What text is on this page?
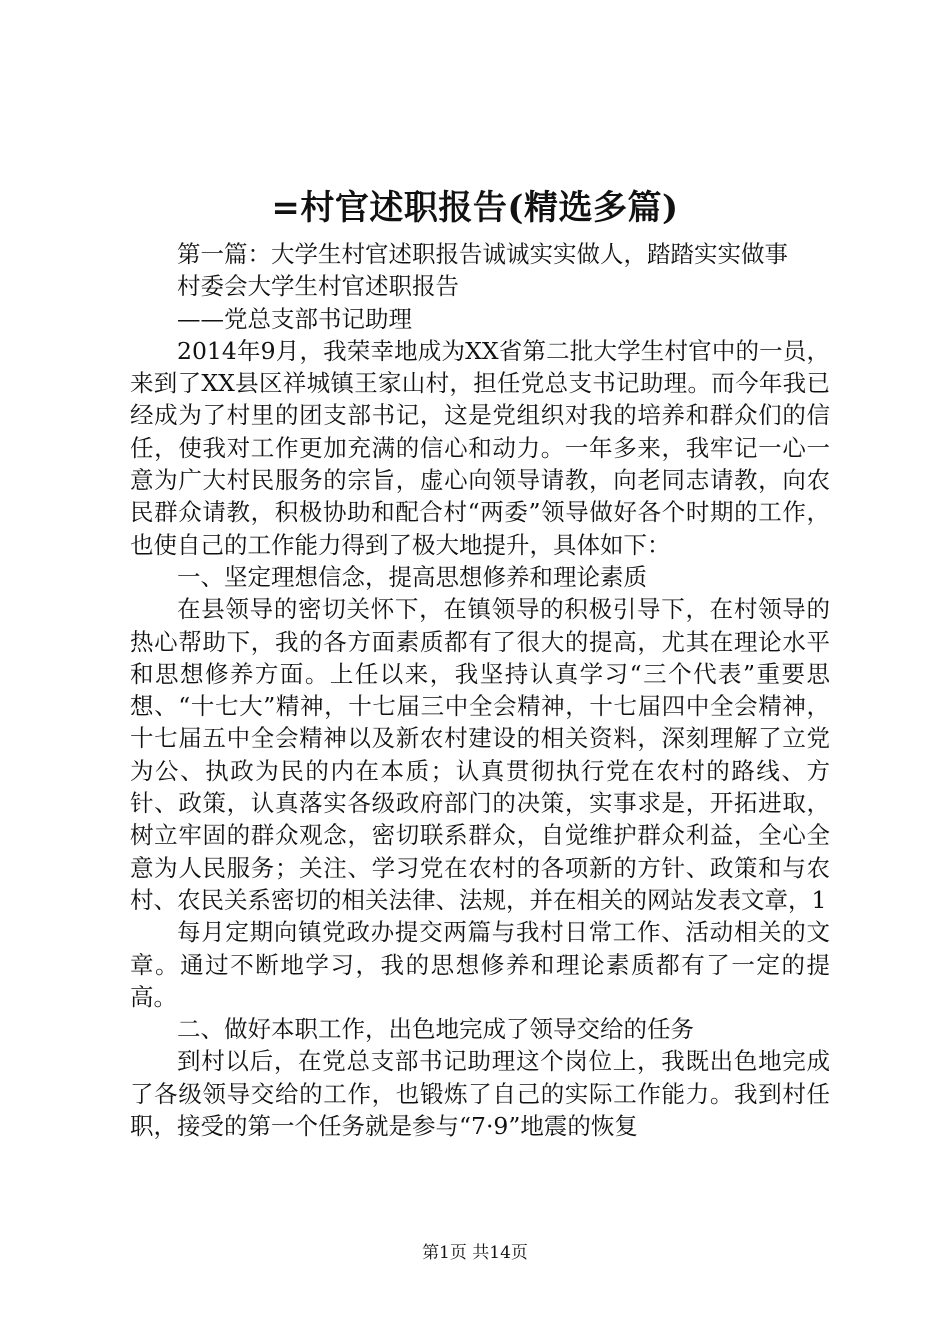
=村官述职报告(精选多篇)

第一篇：大学生村官述职报告诚诚实实做人，踏踏实实做事

村委会大学生村官述职报告

——党总支部书记助理

2014年9月，我荣幸地成为XX省第二批大学生村官中的一员，来到了XX县区祥城镇王家山村，担任党总支书记助理。而今年我已经成为了村里的团支部书记，这是党组织对我的培养和群众们的信任，使我对工作更加充满的信心和动力。一年多来，我牢记一心一意为广大村民服务的宗旨，虚心向领导请教，向老同志请教，向农民群众请教，积极协助和配合村“两委”领导做好各个时期的工作，也使自己的工作能力得到了极大地提升，具体如下：

一、坚定理想信念，提高思想修养和理论素质

在县领导的密切关怀下，在镇领导的积极引导下，在村领导的热心帮助下，我的各方面素质都有了很大的提高，尤其在理论水平和思想修养方面。上任以来，我坚持认真学习“三个代表”重要思想、“十七大”精神，十七届三中全会精神，十七届四中全会精神，十七届五中全会精神以及新农村建设的相关资料，深刻理解了立党为公、执政为民的内在本质；认真贯彻执行党在农村的路线、方针、政策，认真落实各级政府部门的决策，实事求是，开拓进取，树立牢固的群众观念，密切联系群众，自觉维护群众利益，全心全意为人民服务；关注、学习党在农村的各项新的方针、政策和与农村、农民关系密切的相关法律、法规，并在相关的网站发表文章，1

每月定期向镇党政办提交两篇与我村日常工作、活动相关的文章。通过不断地学习，我的思想修养和理论素质都有了一定的提高。

二、做好本职工作，出色地完成了领导交给的任务

到村以后，在党总支部书记助理这个岗位上，我既出色地完成了各级领导交给的工作，也锻炼了自己的实际工作能力。我到村任职，接受的第一个任务就是参与“7·9”地震的恢复

第1页 共14页
